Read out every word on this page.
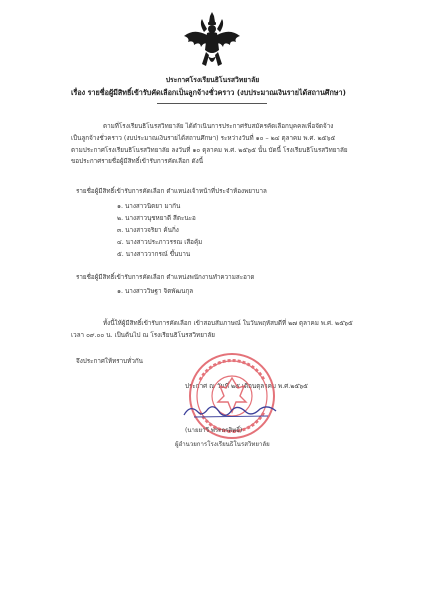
ประกาศโรงเรียนธิโนรสวิทยาลัย
เรื่อง รายชื่อผู้มีสิทธิ์เข้ารับคัดเลือกเป็นลูกจ้างชั่วคราว (งบประมาณเงินรายได้สถานศึกษา)
ตามที่โรงเรียนธิโนรสวิทยาลัย ได้ดำเนินการประกาศรับสมัครคัดเลือกบุคคลเพื่อจัดจ้าง
เป็นลูกจ้างชั่วคราว (งบประมาณเงินรายได้สถานศึกษา) ระหว่างวันที่ ๑๐ – ๒๔ ตุลาคม พ.ศ. ๒๕๖๕
ตามประกาศโรงเรียนธิโนรสวิทยาลัย ลงวันที่ ๑๐ ตุลาคม พ.ศ. ๒๕๖๕ นั้น บัดนี้ โรงเรียนธิโนรสวิทยาลัย
ขอประกาศรายชื่อผู้มีสิทธิ์เข้ารับการคัดเลือก ดังนี้
รายชื่อผู้มีสิทธิ์เข้ารับการคัดเลือก ตำแหน่งเจ้าหน้าที่ประจำห้องพยาบาล
๑. นางสาวนิตยา มากัน
๒. นางสาวนุชหยาดี สีตะนะอ
๓. นางสาวจริยา ค้นกิ่ง
๔. นางสาวประภาวรรณ เสือคุ้ม
๕. นางสาววากรณ์ ขึ้นบาน
รายชื่อผู้มีสิทธิ์เข้ารับการคัดเลือก ตำแหน่งพนักงานทำความสะอาด
๑. นางสาววิษฐา จิตพัฒนกุล
ทั้งนี้ให้ผู้มีสิทธิ์เข้ารับการคัดเลือก เข้าสอบสัมภาษณ์ ในวันพฤหัสบดีที่ ๒๗ ตุลาคม พ.ศ. ๒๕๖๕
เวลา ๐๙.๐๐ น. เป็นต้นไป ณ โรงเรียนธิโนรสวิทยาลัย
จึงประกาศให้ทราบทั่วกัน
ประกาศ ณ วันที่ ๒๕ เดือนตุลาคม พ.ศ.๒๕๖๕
(นายยาวี พระกรสิทธิ์)
ผู้อำนวยการโรงเรียนธิโนรสวิทยาลัย
